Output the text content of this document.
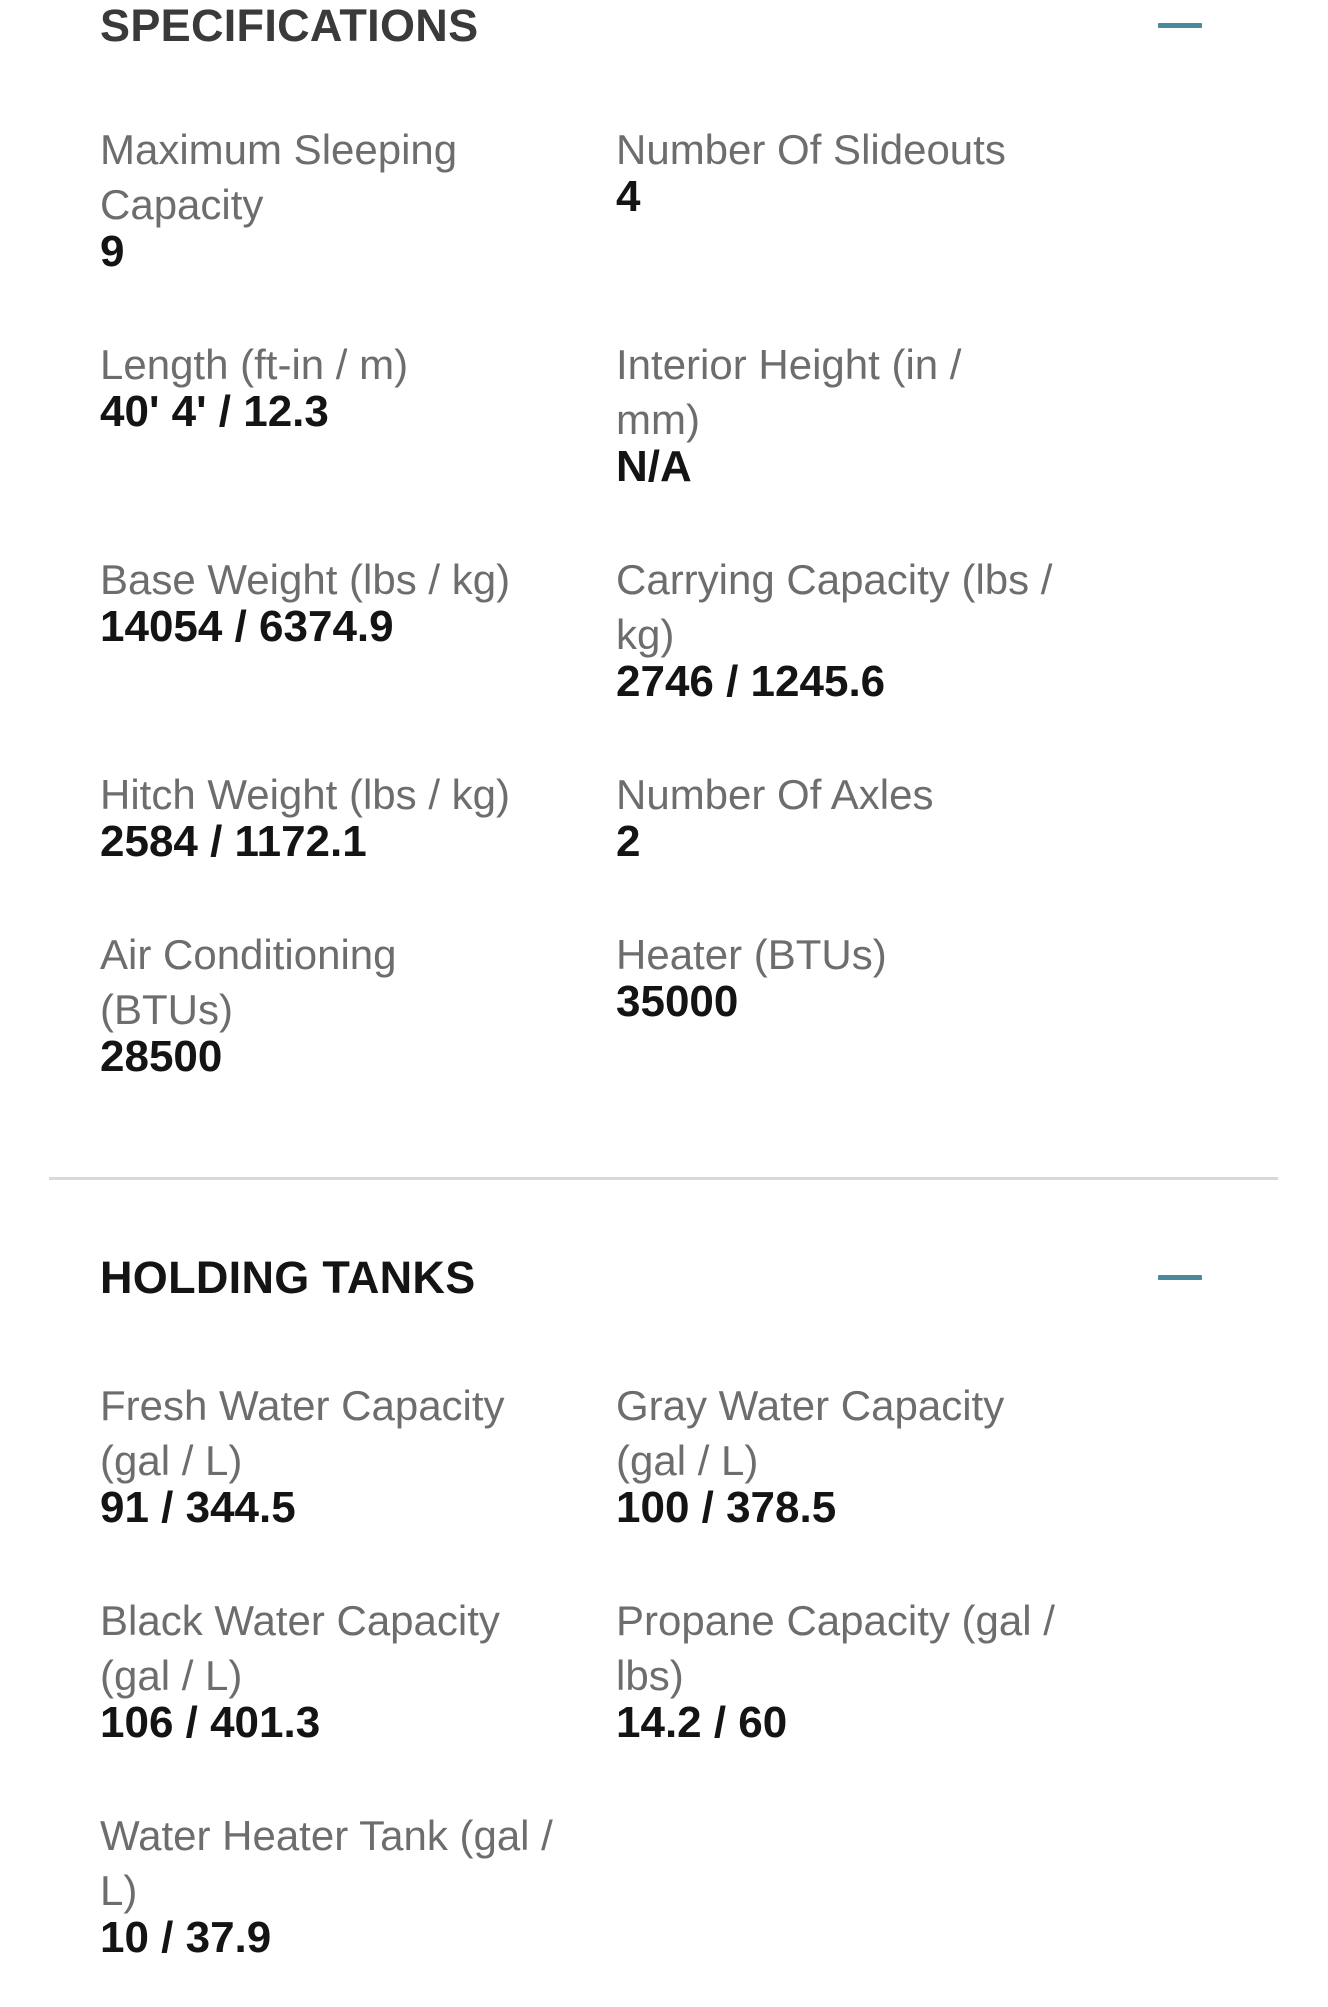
SPECIFICATIONS
Maximum Sleeping Capacity
9
Number Of Slideouts
4
Length (ft-in / m)
40' 4' / 12.3
Interior Height (in / mm)
N/A
Base Weight (lbs / kg)
14054 / 6374.9
Carrying Capacity (lbs / kg)
2746 / 1245.6
Hitch Weight (lbs / kg)
2584 / 1172.1
Number Of Axles
2
Air Conditioning (BTUs)
28500
Heater (BTUs)
35000
HOLDING TANKS
Fresh Water Capacity (gal / L)
91 / 344.5
Gray Water Capacity (gal / L)
100 / 378.5
Black Water Capacity (gal / L)
106 / 401.3
Propane Capacity (gal / lbs)
14.2 / 60
Water Heater Tank (gal / L)
10 / 37.9
